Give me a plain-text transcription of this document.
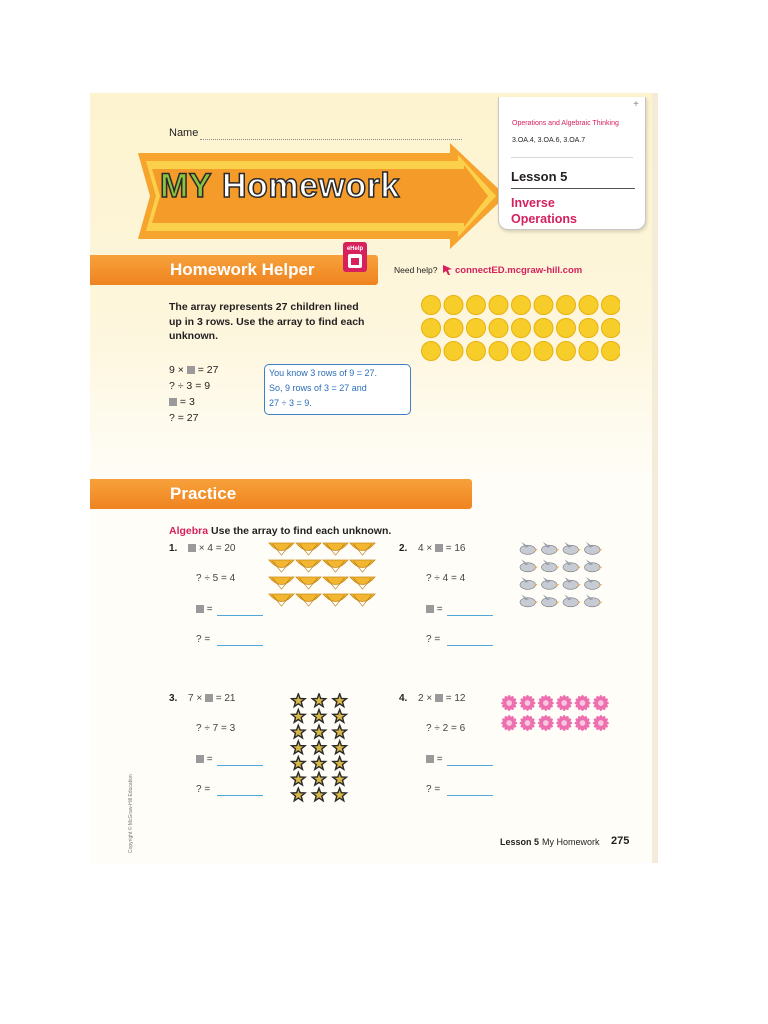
Name
MY Homework
+
Operations and Algebraic Thinking
3.OA.4, 3.OA.6, 3.OA.7
Lesson 5
Inverse
Operations
Homework Helper
eHelp
Need help? connectED.mcgraw-hill.com
The array represents 27 children lined up in 3 rows. Use the array to find each unknown.
9 × = 27
? ÷ 3 = 9
= 3
? = 27
You know 3 rows of 9 = 27.
So, 9 rows of 3 = 27 and
27 ÷ 3 = 9.
Practice
Algebra Use the array to find each unknown.
1.	× 4 = 20
? ÷ 5 = 4
=
? =
2. 4 × = 16
? ÷ 4 = 4
=
? =
3. 7 × = 21
? ÷ 7 = 3
=
? =
4. 2 × = 12
? ÷ 2 = 6
=
? =
Copyright © McGraw-Hill Education	Lesson 5 My Homework 275
